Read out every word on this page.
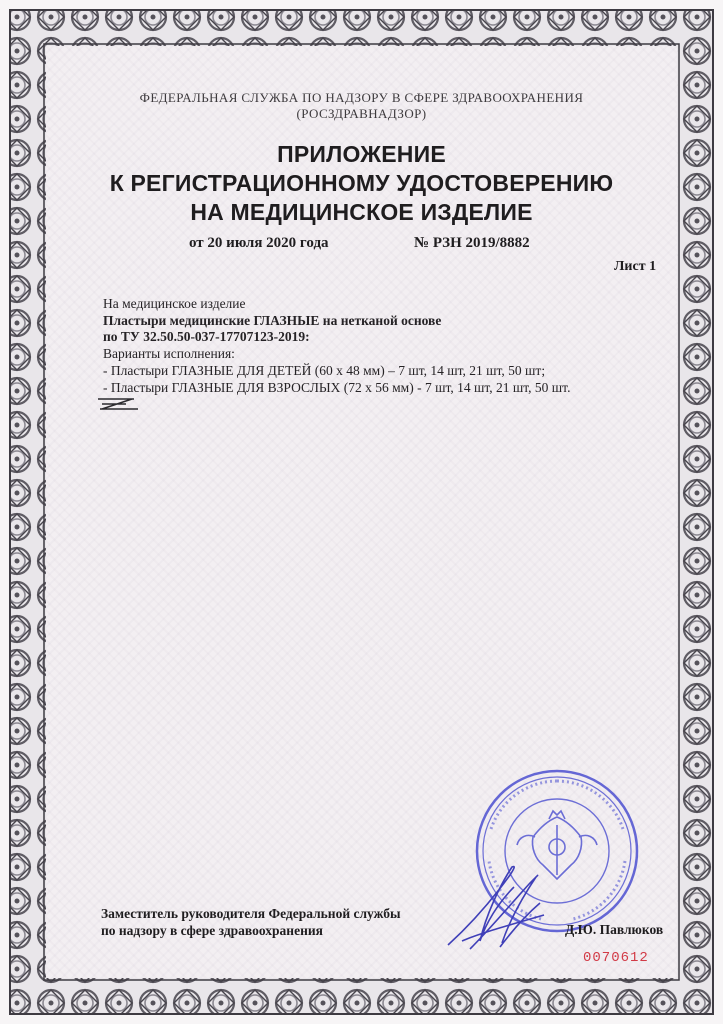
ФЕДЕРАЛЬНАЯ СЛУЖБА ПО НАДЗОРУ В СФЕРЕ ЗДРАВООХРАНЕНИЯ
(РОСЗДРАВНАДЗОР)
ПРИЛОЖЕНИЕ
К РЕГИСТРАЦИОННОМУ УДОСТОВЕРЕНИЮ
НА МЕДИЦИНСКОЕ ИЗДЕЛИЕ
от 20 июля 2020 года	№ РЗН 2019/8882
Лист 1
На медицинское изделие
Пластыри медицинские ГЛАЗНЫЕ на нетканой основе
по ТУ 32.50.50-037-17707123-2019:
Варианты исполнения:
- Пластыри ГЛАЗНЫЕ ДЛЯ ДЕТЕЙ (60 х 48 мм) – 7 шт, 14 шт, 21 шт, 50 шт;
- Пластыри ГЛАЗНЫЕ ДЛЯ ВЗРОСЛЫХ (72 х 56 мм) - 7 шт, 14 шт, 21 шт, 50 шт.
Заместитель руководителя Федеральной службы
по надзору в сфере здравоохранения	Д.Ю. Павлюков
0070612
